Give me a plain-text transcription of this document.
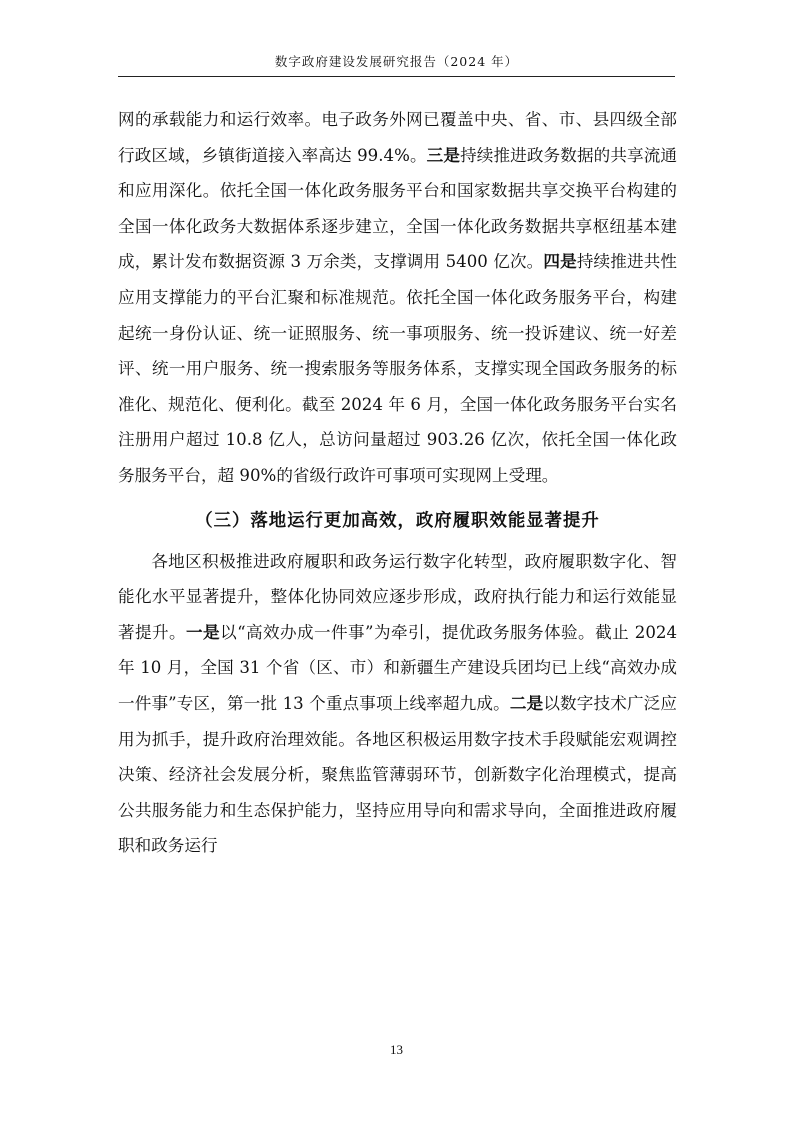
数字政府建设发展研究报告（2024 年）

网的承载能力和运行效率。电子政务外网已覆盖中央、省、市、县四级全部行政区域，乡镇街道接入率高达 99.4%。三是持续推进政务数据的共享流通和应用深化。依托全国一体化政务服务平台和国家数据共享交换平台构建的全国一体化政务大数据体系逐步建立，全国一体化政务数据共享枢纽基本建成，累计发布数据资源 3 万余类，支撑调用 5400 亿次。四是持续推进共性应用支撑能力的平台汇聚和标准规范。依托全国一体化政务服务平台，构建起统一身份认证、统一证照服务、统一事项服务、统一投诉建议、统一好差评、统一用户服务、统一搜索服务等服务体系，支撑实现全国政务服务的标准化、规范化、便利化。截至 2024 年 6 月，全国一体化政务服务平台实名注册用户超过 10.8 亿人，总访问量超过 903.26 亿次，依托全国一体化政务服务平台，超 90%的省级行政许可事项可实现网上受理。

（三）落地运行更加高效，政府履职效能显著提升

各地区积极推进政府履职和政务运行数字化转型，政府履职数字化、智能化水平显著提升，整体化协同效应逐步形成，政府执行能力和运行效能显著提升。一是以“高效办成一件事”为牵引，提优政务服务体验。截止 2024 年 10 月，全国 31 个省（区、市）和新疆生产建设兵团均已上线“高效办成一件事”专区，第一批 13 个重点事项上线率超九成。二是以数字技术广泛应用为抓手，提升政府治理效能。各地区积极运用数字技术手段赋能宏观调控决策、经济社会发展分析，聚焦监管薄弱环节，创新数字化治理模式，提高公共服务能力和生态保护能力，坚持应用导向和需求导向，全面推进政府履职和政务运行

13
